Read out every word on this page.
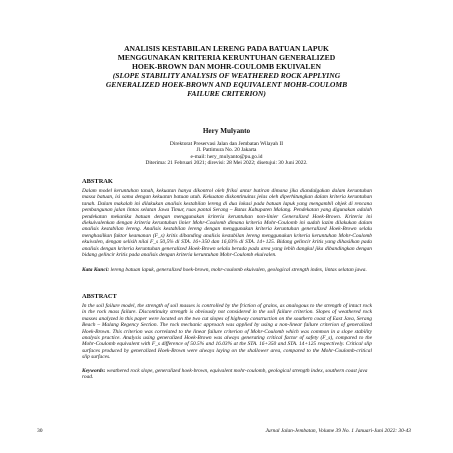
ANALISIS KESTABILAN LERENG PADA BATUAN LAPUK
MENGGUNAKAN KRITERIA KERUNTUHAN GENERALIZED
HOEK-BROWN DAN MOHR-COULOMB EKUIVALEN
(SLOPE STABILITY ANALYSIS OF WEATHERED ROCK APPLYING
GENERALIZED HOEK-BROWN AND EQUIVALENT MOHR-COULOMB
FAILURE CRITERION)
Hery Mulyanto
Direktorat Preservasi Jalan dan Jembatan Wilayah II
Jl. Pattimura No. 20 Jakarta
e-mail: hery_mulyanto@pu.go.id
Diterima: 21 Februari 2021; direvisi: 28 Mei 2022; disetujui: 30 Juni 2022.
ABSTRAK
Dalam model keruntuhan tanah, kekuatan hanya dikontrol oleh friksi antar butiran dimana jika diandalgakan dalam keruntuhan massa batuan, isi sama dengan kekuatan batuan utuh. Kekuatan diskontinuitas jelas oleh diperhitungkan dalam kriteria keruntuhan tanah. Dalam makalah ini dilakukan analisis kestabilan lereng di dua lokasi pada batuan lapuk yang mengambil objek di rencana pembangunan jalan lintas selatan Jawa Timur, ruas pantai Serang – Batas Kabupaten Malang. Pendekatan yang digunakan adalah pendekatan mekanika batuan dengan menggunakan kriteria keruntuhan non-linier Generalized Hoek-Brown. Kriteria ini diekuivalenkan dengan kriteria keruntuhan linier Mohr-Coulomb dimana kriteria Mohr-Coulomb ini sudah lazim dilakukan dalam analisis kestabilan lereng. Analisis kestabilan lereng dengan menggunakan kriteria keruntuhan generalized Hoek-Brown selalu menghasilkan faktor keamanan (F_s) kritis dibanding analisis kestabilan lereng menggunakan kriteria keruntuhan Mohr-Coulomb ekuivalen, dengan selisih nilai F_s 50,5% di STA. 16+350 dan 16,03% di STA. 14+125. Bidang gelincir kritis yang dihasilkan pada analisis dengan kriteria keruntuhan generalized Hoek-Brown selalu berada pada area yang lebih dangkal jika dibandingkan dengan bidang gelincir kritis pada analisis dengan kriteria keruntuhan Mohr-Coulomb ekuivalen.
Kata Kunci: lereng batuan lapuk, generalized hoek-brown, mohr-coulomb ekuivalen, geological strength index, lintas selatan jawa.
ABSTRACT
In the soil failure model, the strength of soil masses is controlled by the friction of grains, as analogous to the strength of intact rock in the rock mass failure. Discontinuity strength is obviously not considered in the soil failure criterion. Slopes of weathered rock masses analyzed in this paper were located on the two cut slopes of highway construction on the southern coast of East Java, Serang Beach – Malang Regency Section. The rock mechanic approach was applied by using a non-linear failure criterion of generalized Hoek-Brown. This criterion was correlated to the linear failure criterion of Mohr-Coulomb which was common in a slope stability analysis practice. Analysis using generalized Hoek-Brown was always generating critical factor of safety (F_s), compared to the Mohr-Coulomb equivalent with F_s difference of 50.5% and 16.03% at the STA. 16+350 and STA. 14+125 respectively. Critical slip surfaces produced by generalized Hoek-Brown were always laying on the shallower area, compared to the Mohr-Coulomb-critical slip surfaces.
Keywords: weathered rock slope, generalized hoek-brown, equivalent mohr-coulomb, geological strength index, southern coast java road.
30	Jurnal Jalan-Jembatan, Volume 39 No. 1 Januari-Juni 2022: 30-43
